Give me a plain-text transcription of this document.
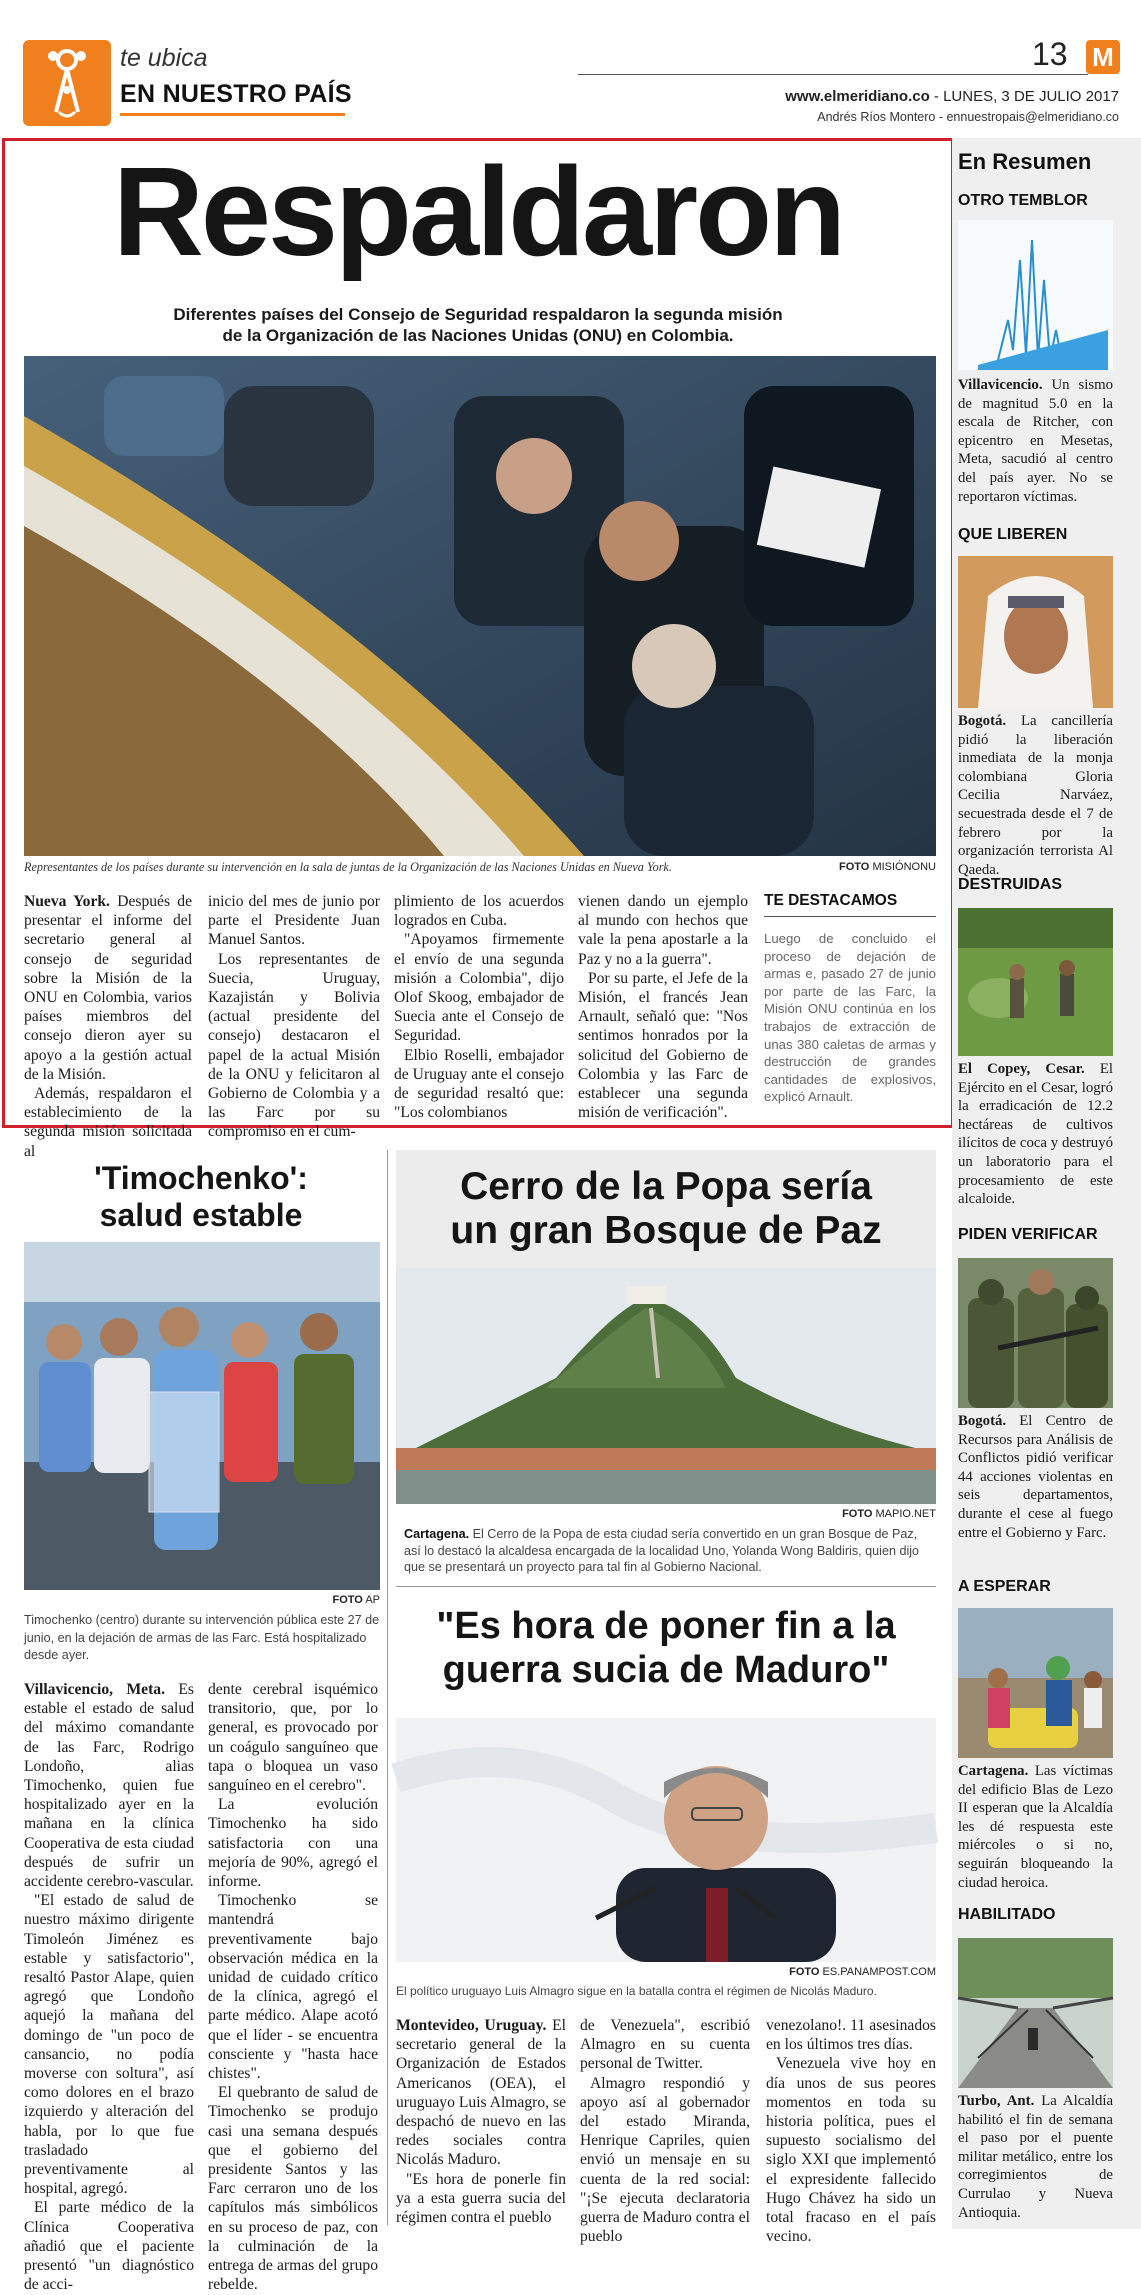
te ubica
EN NUESTRO PAÍS
13 M
www.elmeridiano.co - LUNES, 3 DE JULIO 2017
Andrés Ríos Montero - ennuestropais@elmeridiano.co
Respaldaron
Diferentes países del Consejo de Seguridad respaldaron la segunda misión
de la Organización de las Naciones Unidas (ONU) en Colombia.
Representantes de los países durante su intervención en la sala de juntas de la Organización de las Naciones Unidas en Nueva York.	FOTO MISIÓNONU

Nueva York. Después de presentar el informe del secretario general al consejo de seguridad sobre la Misión de la ONU en Colombia, varios países miembros del consejo dieron ayer su apoyo a la gestión actual de la Misión.

Además, respaldaron el establecimiento de la segunda misión solicitada al

inicio del mes de junio por parte el Presidente Juan Manuel Santos.

Los representantes de Suecia, Uruguay, Kazajistán y Bolivia (actual presidente del consejo) destacaron el papel de la actual Misión de la ONU y felicitaron al Gobierno de Colombia y a las Farc por su compromiso en el cum-

plimiento de los acuerdos logrados en Cuba.

"Apoyamos firmemente el envío de una segunda misión a Colombia", dijo Olof Skoog, embajador de Suecia ante el Consejo de Seguridad.

Elbio Roselli, embajador de Uruguay ante el consejo de seguridad resaltó que: "Los colombianos

vienen dando un ejemplo al mundo con hechos que vale la pena apostarle a la Paz y no a la guerra".

Por su parte, el Jefe de la Misión, el francés Jean Arnault, señaló que: "Nos sentimos honrados por la solicitud del Gobierno de Colombia y las Farc de establecer una segunda misión de verificación".

TE DESTACAMOS
Luego de concluido el proceso de dejación de armas e, pasado 27 de junio por parte de las Farc, la Misión ONU continúa en los trabajos de extracción de unas 380 caletas de armas y destrucción de grandes cantidades de explosivos, explicó Arnault.
'Timochenko':
salud estable
FOTO AP
Timochenko (centro) durante su intervención pública este 27 de junio, en la dejación de armas de las Farc. Está hospitalizado desde ayer.

Villavicencio, Meta. Es estable el estado de salud del máximo comandante de las Farc, Rodrigo Londoño, alias Timochenko, quien fue hospitalizado ayer en la mañana en la clínica Cooperativa de esta ciudad después de sufrir un accidente cerebro-vascular.

"El estado de salud de nuestro máximo dirigente Timoleón Jiménez es estable y satisfactorio", resaltó Pastor Alape, quien agregó que Londoño aquejó la mañana del domingo de "un poco de cansancio, no podía moverse con soltura", así como dolores en el brazo izquierdo y alteración del habla, por lo que fue trasladado preventivamente al hospital, agregó.

El parte médico de la Clínica Cooperativa añadió que el paciente presentó "un diagnóstico de acci-

dente cerebral isquémico transitorio, que, por lo general, es provocado por un coágulo sanguíneo que tapa o bloquea un vaso sanguíneo en el cerebro".

La evolución Timochenko ha sido satisfactoria con una mejoría de 90%, agregó el informe.

Timochenko se mantendrá preventivamente bajo observación médica en la unidad de cuidado crítico de la clínica, agregó el parte médico. Alape acotó que el líder - se encuentra consciente y "hasta hace chistes".

El quebranto de salud de Timochenko se produjo casi una semana después que el gobierno del presidente Santos y las Farc cerraron uno de los capítulos más simbólicos en su proceso de paz, con la culminación de la entrega de armas del grupo rebelde.

Cerro de la Popa sería
un gran Bosque de Paz
FOTO MAPIO.NET
Cartagena. El Cerro de la Popa de esta ciudad sería convertido en un gran Bosque de Paz, así lo destacó la alcaldesa encargada de la localidad Uno, Yolanda Wong Baldiris, quien dijo que se presentará un proyecto para tal fin al Gobierno Nacional.
"Es hora de poner fin a la
guerra sucia de Maduro"
FOTO ES.PANAMPOST.COM
El político uruguayo Luis Almagro sigue en la batalla contra el régimen de Nicolás Maduro.

Montevideo, Uruguay. El secretario general de la Organización de Estados Americanos (OEA), el uruguayo Luis Almagro, se despachó de nuevo en las redes sociales contra Nicolás Maduro.

"Es hora de ponerle fin ya a esta guerra sucia del régimen contra el pueblo

de Venezuela", escribió Almagro en su cuenta personal de Twitter.

Almagro respondió y apoyo así al gobernador del estado Miranda, Henrique Capriles, quien envió un mensaje en su cuenta de la red social: "¡Se ejecuta declaratoria guerra de Maduro contra el pueblo

venezolano!. 11 asesinados en los últimos tres días.

Venezuela vive hoy en día unos de sus peores momentos en toda su historia política, pues el supuesto socialismo del siglo XXI que implementó el expresidente fallecido Hugo Chávez ha sido un total fracaso en el país vecino.

En Resumen
OTRO TEMBLOR
Villavicencio. Un sismo de magnitud 5.0 en la escala de Ritcher, con epicentro en Mesetas, Meta, sacudió al centro del país ayer. No se reportaron víctimas.
QUE LIBEREN
Bogotá. La cancillería pidió la liberación inmediata de la monja colombiana Gloria Cecilia Narváez, secuestrada desde el 7 de febrero por la organización terrorista Al Qaeda.
DESTRUIDAS
El Copey, Cesar. El Ejército en el Cesar, logró la erradicación de 12.2 hectáreas de cultivos ilícitos de coca y destruyó un laboratorio para el procesamiento de este alcaloide.
PIDEN VERIFICAR
Bogotá. El Centro de Recursos para Análisis de Conflictos pidió verificar 44 acciones violentas en seis departamentos, durante el cese al fuego entre el Gobierno y Farc.
A ESPERAR
Cartagena. Las víctimas del edificio Blas de Lezo II esperan que la Alcaldía les dé respuesta este miércoles o si no, seguirán bloqueando la ciudad heroica.
HABILITADO
Turbo, Ant. La Alcaldía habilitó el fin de semana el paso por el puente militar metálico, entre los corregimientos de Currulao y Nueva Antioquia.
